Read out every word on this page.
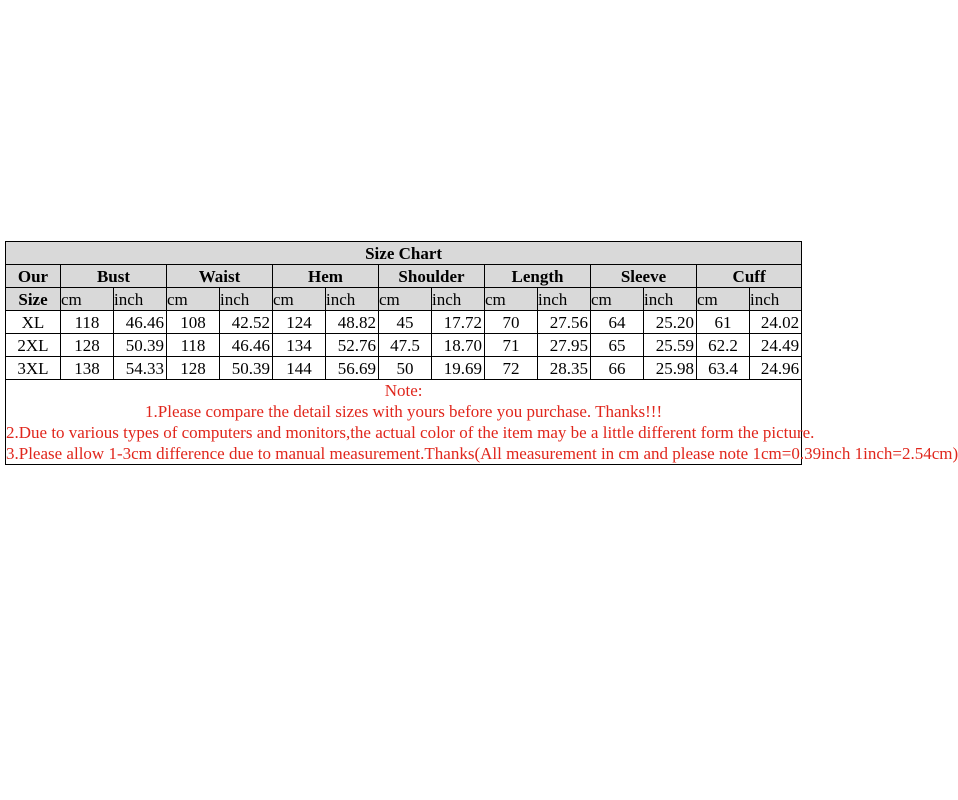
Size Chart														
Our	Bust		Waist		Hem		Shoulder		Length		Sleeve		Cuff	
Size	cm	inch	cm	inch	cm	inch	cm	inch	cm	inch	cm	inch	cm	inch
XL	118	46.46	108	42.52	124	48.82	45	17.72	70	27.56	64	25.20	61	24.02
2XL	128	50.39	118	46.46	134	52.76	47.5	18.70	71	27.95	65	25.59	62.2	24.49
3XL	138	54.33	128	50.39	144	56.69	50	19.69	72	28.35	66	25.98	63.4	24.96

Note:
1.Please compare the detail sizes with yours before you purchase. Thanks!!!
2.Due to various types of computers and monitors,the actual color of the item may be a little different form the picture.
3.Please allow 1-3cm difference due to manual measurement.Thanks(All measurement in cm and please note 1cm=0.39inch 1inch=2.54cm)														
